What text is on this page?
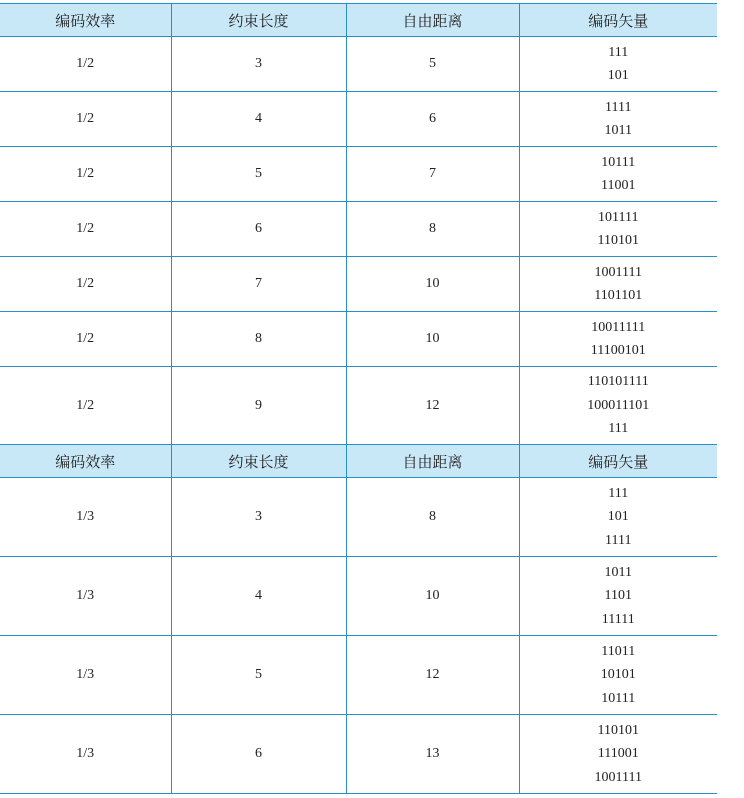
编码效率	约束长度	自由距离	编码矢量
1/2	3	5	111
101

1/2	4	6	1111
1011

1/2	5	7	10111
11001

1/2	6	8	101111
110101

1/2	7	10	1001111
1101101

1/2	8	10	10011111
11100101

1/2	9	12	110101111
100011101
111

编码效率	约束长度	自由距离	编码矢量
1/3	3	8	111
101
1111

1/3	4	10	1011
1101
11111

1/3	5	12	11011
10101
10111

1/3	6	13	110101
111001
1001111
